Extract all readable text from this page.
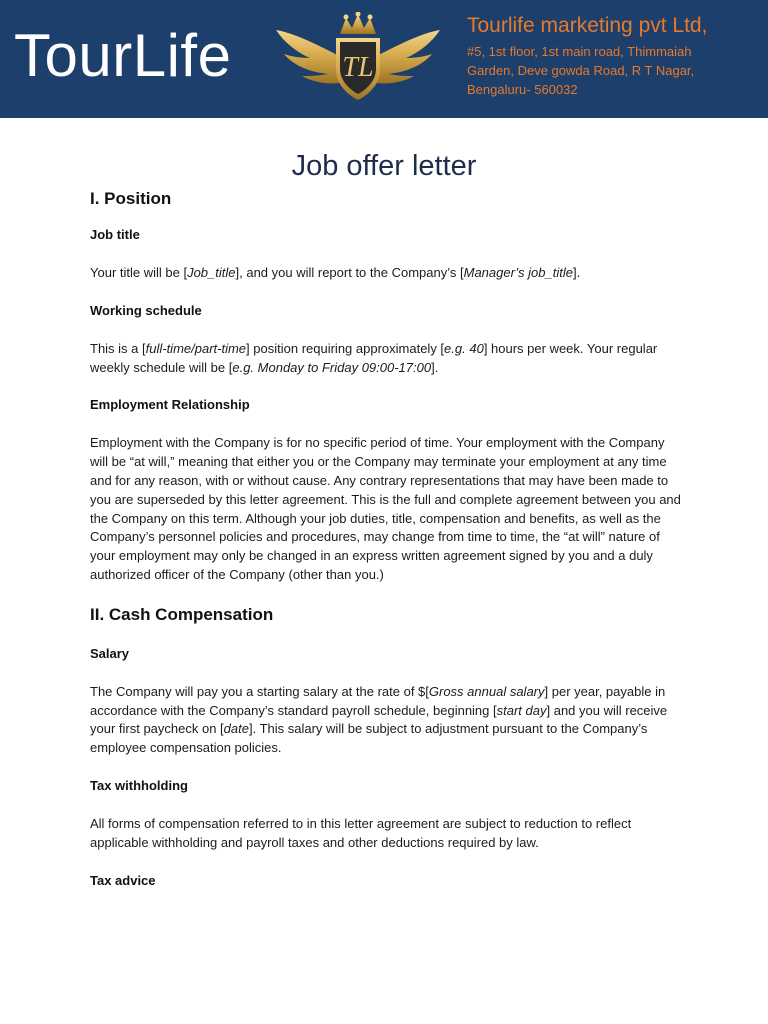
TourLife	TL
Tourlife marketing pvt Ltd,
#5, 1st floor, 1st main road, Thimmaiah
Garden, Deve gowda Road, R T Nagar,
Bengaluru- 560032
Job offer letter
I. Position
Job title

Your title will be [Job_title], and you will report to the Company’s [Manager’s job_title].

Working schedule

This is a [full-time/part-time] position requiring approximately [e.g. 40] hours per week. Your regular weekly schedule will be [e.g. Monday to Friday 09:00-17:00].

Employment Relationship

Employment with the Company is for no specific period of time. Your employment with the Company will be “at will,” meaning that either you or the Company may terminate your employment at any time and for any reason, with or without cause. Any contrary representations that may have been made to you are superseded by this letter agreement. This is the full and complete agreement between you and the Company on this term. Although your job duties, title, compensation and benefits, as well as the Company’s personnel policies and procedures, may change from time to time, the “at will” nature of your employment may only be changed in an express written agreement signed by you and a duly authorized officer of the Company (other than you.)

II. Cash Compensation
Salary

The Company will pay you a starting salary at the rate of $[Gross annual salary] per year, payable in accordance with the Company’s standard payroll schedule, beginning [start day] and you will receive your first paycheck on [date]. This salary will be subject to adjustment pursuant to the Company’s employee compensation policies.

Tax withholding

All forms of compensation referred to in this letter agreement are subject to reduction to reflect applicable withholding and payroll taxes and other deductions required by law.

Tax advice
